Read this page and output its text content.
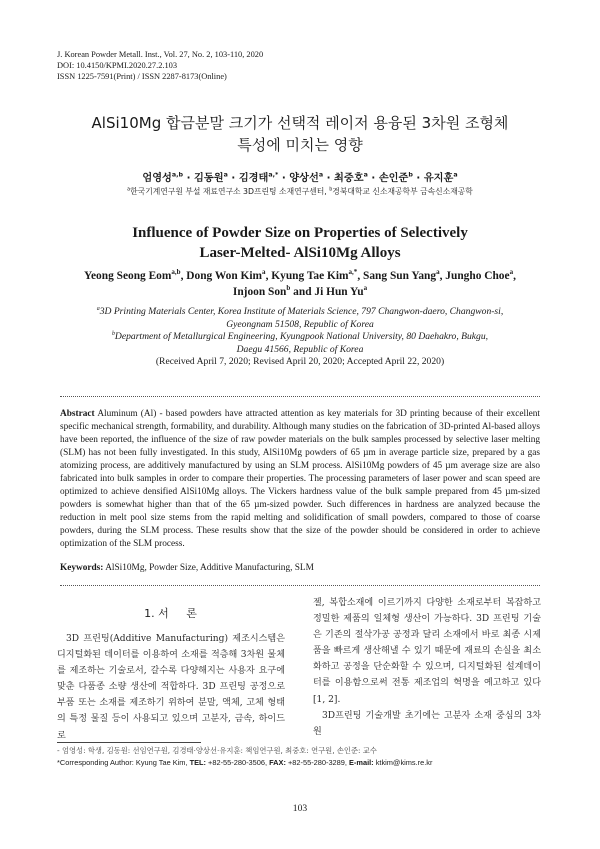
J. Korean Powder Metall. Inst., Vol. 27, No. 2, 103-110, 2020
DOI: 10.4150/KPMI.2020.27.2.103
ISSN 1225-7591(Print) / ISSN 2287-8173(Online)
AlSi10Mg 합금분말 크기가 선택적 레이저 용융된 3차원 조형체
특성에 미치는 영향
엄영성$^{a,b}$ · 김동원$^a$ · 김경태$^{a,*}$ · 양상선$^a$ · 최중호$^a$ · 손인준$^b$ · 유지훈$^a$
$^a$한국기계연구원 부설 재료연구소 3D프린팅 소재연구센터, $^b$경북대학교 신소재공학부 금속신소재공학
Influence of Powder Size on Properties of Selectively
Laser-Melted- AlSi10Mg Alloys
Yeong Seong Eom$^{a,b}$, Dong Won Kim$^a$, Kyung Tae Kim$^{a,*}$, Sang Sun Yang$^a$, Jungho Choe$^a$,
Injoon Son$^b$ and Ji Hun Yu$^a$
$^a$3D Printing Materials Center, Korea Institute of Materials Science, 797 Changwon-daero, Changwon-si,
Gyeongnam 51508, Republic of Korea
$^b$Department of Metallurgical Engineering, Kyungpook National University, 80 Daehakro, Bukgu,
Daegu 41566, Republic of Korea
(Received April 7, 2020; Revised April 20, 2020; Accepted April 22, 2020)
Abstract Aluminum (Al) - based powders have attracted attention as key materials for 3D printing because of their excellent specific mechanical strength, formability, and durability. Although many studies on the fabrication of 3D-printed Al-based alloys have been reported, the influence of the size of raw powder materials on the bulk samples processed by selective laser melting (SLM) has not been fully investigated. In this study, AlSi10Mg powders of 65 µm in average particle size, prepared by a gas atomizing process, are additively manufactured by using an SLM process. AlSi10Mg powders of 45 µm average size are also fabricated into bulk samples in order to compare their properties. The processing parameters of laser power and scan speed are optimized to achieve densified AlSi10Mg alloys. The Vickers hardness value of the bulk sample prepared from 45 µm-sized powders is somewhat higher than that of the 65 µm-sized powder. Such differences in hardness are analyzed because the reduction in melt pool size stems from the rapid melting and solidification of small powders, compared to those of coarse powders, during the SLM process. These results show that the size of the powder should be considered in order to achieve optimization of the SLM process.
Keywords: AlSi10Mg, Powder Size, Additive Manufacturing, SLM
1. 서     론
3D 프린팅(Additive Manufacturing) 제조시스템은 디지털화된 데이터를 이용하여 소재를 적층해 3차원 물체를 제조하는 기술로서, 갈수록 다양해지는 사용자 요구에 맞춘 다품종 소량 생산에 적합하다. 3D 프린팅 공정으로 부품 또는 소재를 제조하기 위하여 분말, 액체, 고체 형태의 특정 물질 등이 사용되고 있으며 고분자, 금속, 하이드로
젤, 복합소재에 이르기까지 다양한 소재로부터 복잡하고 정밀한 제품의 일체형 생산이 가능하다. 3D 프린팅 기술은 기존의 절삭가공 공정과 달리 소재에서 바로 최종 시제품을 빠르게 생산해낼 수 있기 때문에 재료의 손실을 최소화하고 공정을 단순화할 수 있으며, 디지털화된 설계데이터를 이용함으로써 전통 제조업의 혁명을 예고하고 있다[1, 2].
3D프린팅 기술개발 초기에는 고분자 소재 중심의 3차원
- 엄영성: 학생, 김동원: 선임연구원, 김경태·양상선·유지훈: 책임연구원, 최중호: 연구원, 손인준: 교수
*Corresponding Author: Kyung Tae Kim, TEL: +82-55-280-3506, FAX: +82-55-280-3289, E-mail: ktkim@kims.re.kr
103
